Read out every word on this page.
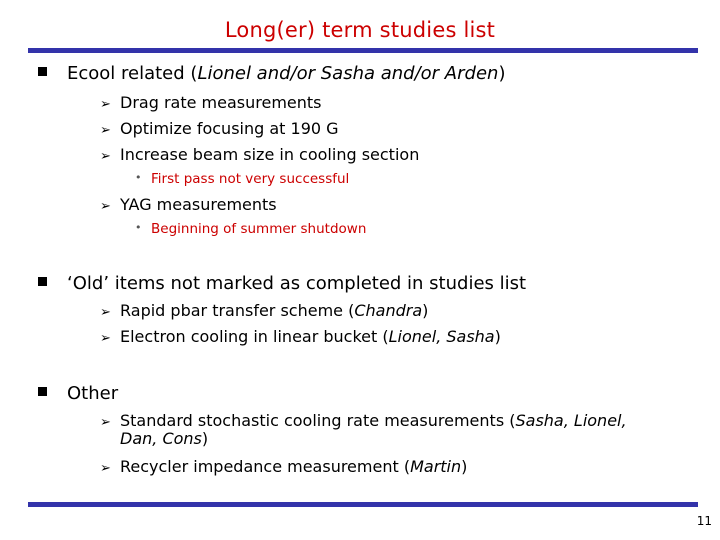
Long(er) term studies list
Ecool related (Lionel and/or Sasha and/or Arden)
➢ Drag rate measurements
➢ Optimize focusing at 190 G
➢ Increase beam size in cooling section
• First pass not very successful
➢ YAG measurements
• Beginning of summer shutdown
‘Old’ items not marked as completed in studies list
➢ Rapid pbar transfer scheme (Chandra)
➢ Electron cooling in linear bucket (Lionel, Sasha)
Other
➢ Standard stochastic cooling rate measurements (Sasha, Lionel,
Dan, Cons)
➢ Recycler impedance measurement (Martin)
11
